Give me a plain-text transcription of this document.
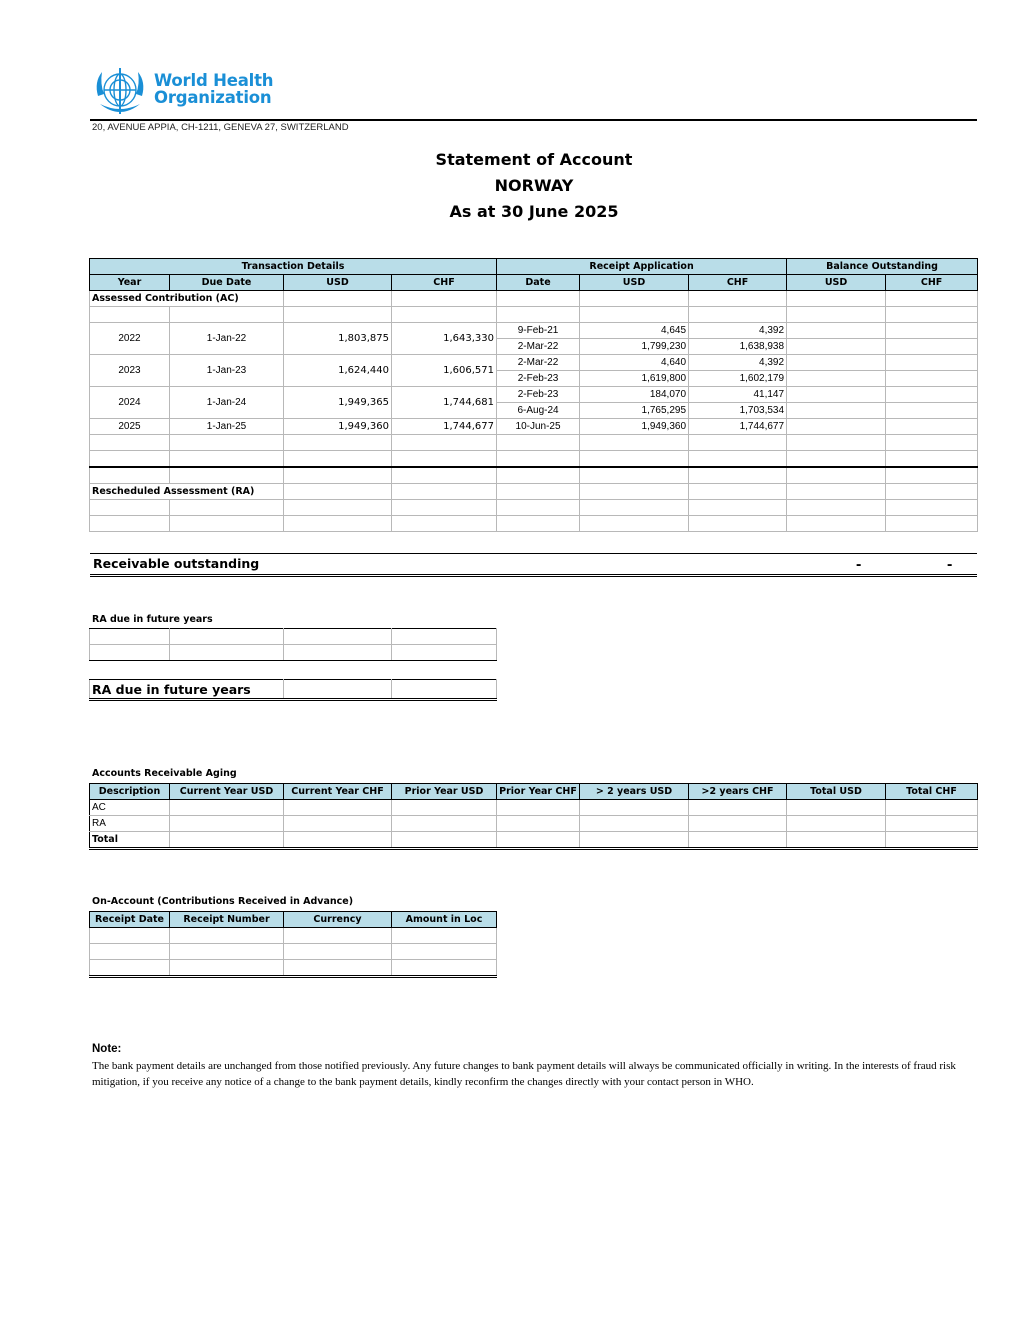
World Health
Organization
20, AVENUE APPIA, CH-1211, GENEVA 27, SWITZERLAND
Statement of Account
NORWAY
As at 30 June 2025
Transaction Details				Receipt Application			Balance Outstanding	
Year	Due Date	USD	CHF	Date	USD	CHF	USD	CHF
Assessed Contribution (AC)								

2022	1-Jan-22	1,803,875	1,643,330	9-Feb-21	4,645	4,392		
				2-Mar-22	1,799,230	1,638,938		
2023	1-Jan-23	1,624,440	1,606,571	2-Mar-22	4,640	4,392		
				2-Feb-23	1,619,800	1,602,179		
2024	1-Jan-24	1,949,365	1,744,681	2-Feb-23	184,070	41,147		
				6-Aug-24	1,765,295	1,703,534		
2025	1-Jan-25	1,949,360	1,744,677	10-Jun-25	1,949,360	1,744,677		

Rescheduled Assessment (RA)								

Receivable outstanding	-	-
RA due in future years

RA due in future years		
Accounts Receivable Aging
Description	Current Year USD	Current Year CHF	Prior Year USD	Prior Year CHF	> 2 years USD	>2 years CHF	Total USD	Total CHF
AC								
RA								
Total								
On-Account (Contributions Received in Advance)
Receipt Date	Receipt Number	Currency	Amount in Loc

Note:
The bank payment details are unchanged from those notified previously. Any future changes to bank payment details will always be communicated officially in writing. In the interests of fraud risk mitigation, if you receive any notice of a change to the bank payment details, kindly reconfirm the changes directly with your contact person in WHO.
